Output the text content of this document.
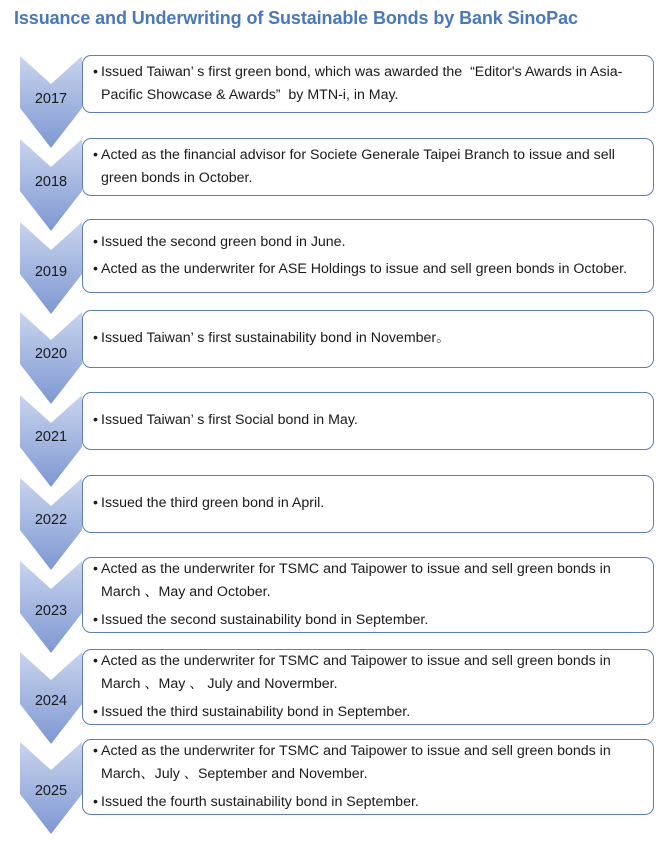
Issuance and Underwriting of Sustainable Bonds by Bank SinoPac
2017
• Issued Taiwan’ s first green bond, which was awarded the  “Editor's Awards in Asia-Pacific Showcase & Awards”  by MTN-i, in May.
2018
• Acted as the financial advisor for Societe Generale Taipei Branch to issue and sell green bonds in October.
2019
• Issued the second green bond in June.
• Acted as the underwriter for ASE Holdings to issue and sell green bonds in October.
2020
• Issued Taiwan’ s first sustainability bond in November。
2021
• Issued Taiwan’ s first Social bond in May.
2022
• Issued the third green bond in April.
2023
• Acted as the underwriter for TSMC and Taipower to issue and sell green bonds in March 、May and October.
• Issued the second sustainability bond in September.
2024
• Acted as the underwriter for TSMC and Taipower to issue and sell green bonds in March 、May 、 July and Novermber.
• Issued the third sustainability bond in September.
2025
• Acted as the underwriter for TSMC and Taipower to issue and sell green bonds in March、July 、September and November.
• Issued the fourth sustainability bond in September.
